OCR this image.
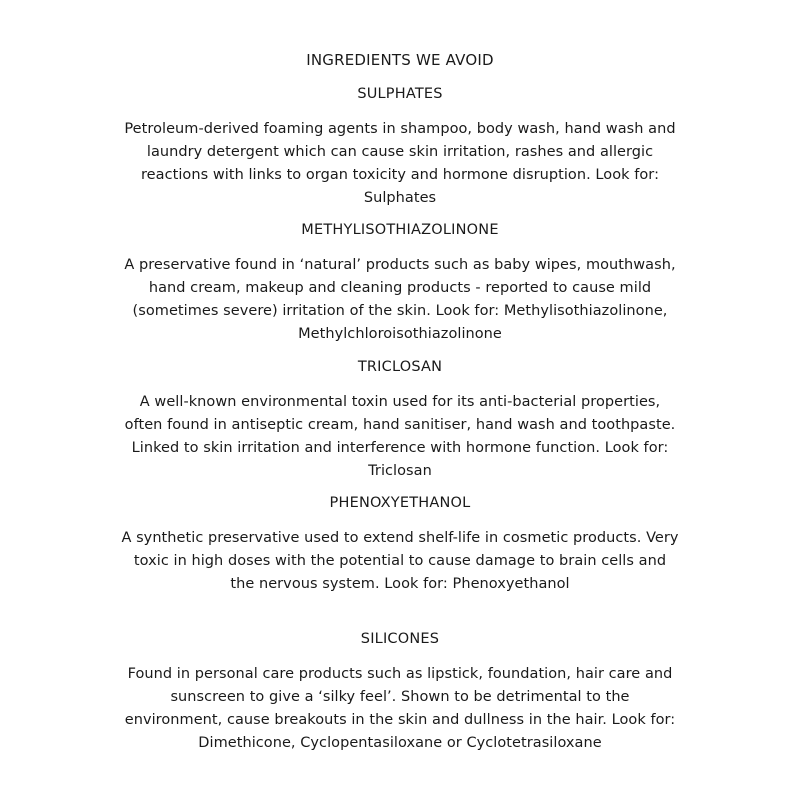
INGREDIENTS WE AVOID

SULPHATES

Petroleum-derived foaming agents in shampoo, body wash, hand wash and laundry detergent which can cause skin irritation, rashes and allergic reactions with links to organ toxicity and hormone disruption. Look for: Sulphates

METHYLISOTHIAZOLINONE

A preservative found in ‘natural’ products such as baby wipes, mouthwash, hand cream, makeup and cleaning products - reported to cause mild (sometimes severe) irritation of the skin. Look for: Methylisothiazolinone, Methylchloroisothiazolinone

TRICLOSAN

A well-known environmental toxin used for its anti-bacterial properties, often found in antiseptic cream, hand sanitiser, hand wash and toothpaste. Linked to skin irritation and interference with hormone function. Look for: Triclosan

PHENOXYETHANOL

A synthetic preservative used to extend shelf-life in cosmetic products. Very toxic in high doses with the potential to cause damage to brain cells and the nervous system. Look for: Phenoxyethanol

SILICONES

Found in personal care products such as lipstick, foundation, hair care and sunscreen to give a ‘silky feel’. Shown to be detrimental to the environment, cause breakouts in the skin and dullness in the hair. Look for: Dimethicone, Cyclopentasiloxane or Cyclotetrasiloxane
